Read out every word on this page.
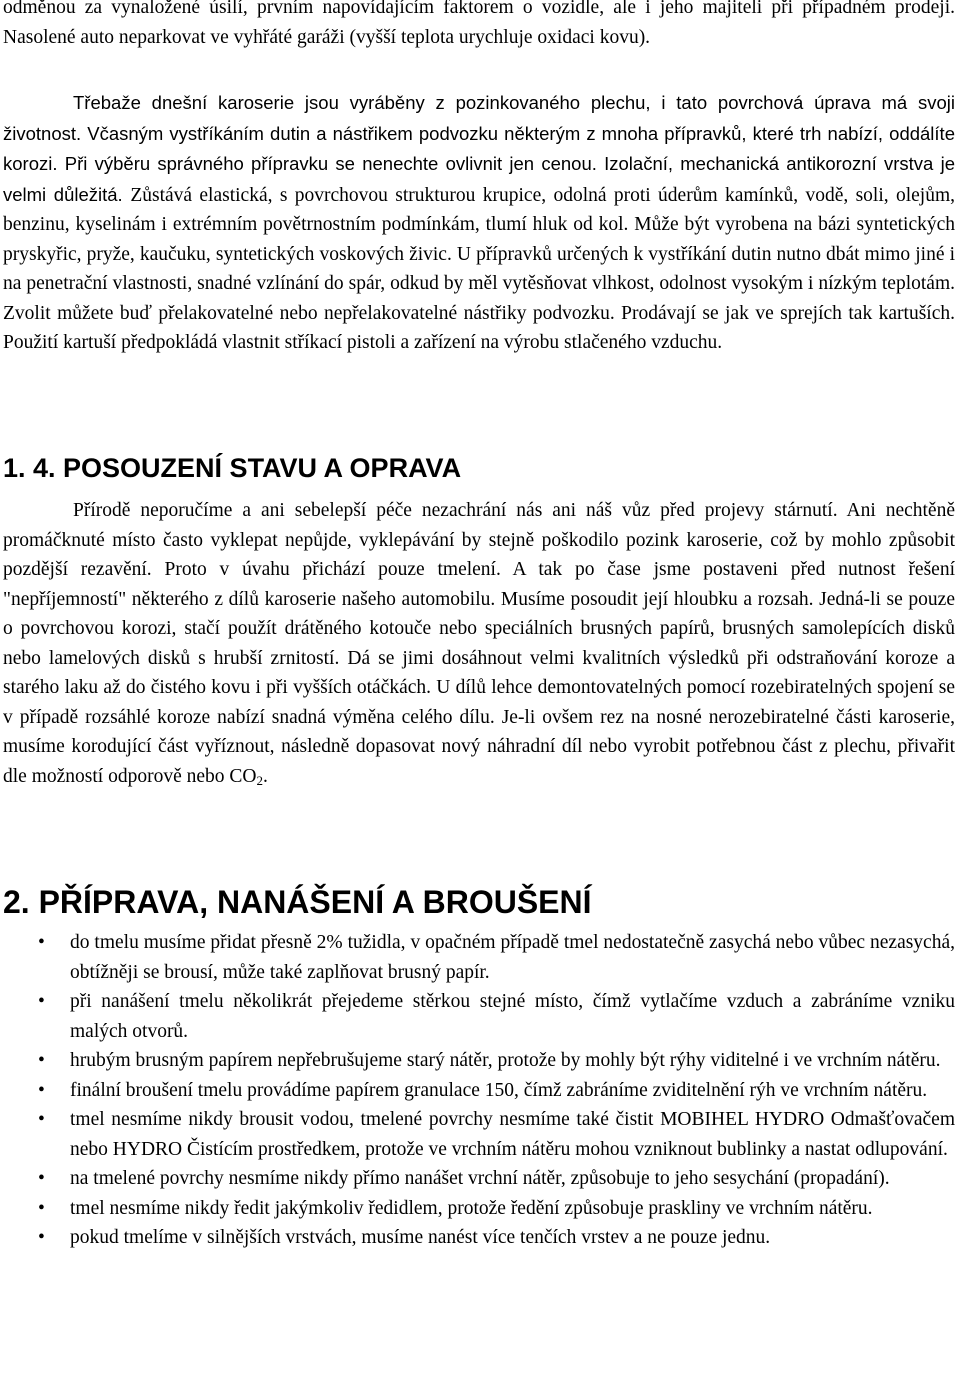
odměnou za vynaložené úsilí, prvním napovídajícím faktorem o vozidle, ale i jeho majiteli při případném prodeji. Nasolené auto neparkovat ve vyhřáté garáži (vyšší teplota urychluje oxidaci kovu).

Třebaže dnešní karoserie jsou vyráběny z pozinkovaného plechu, i tato povrchová úprava má svoji životnost. Včasným vystříkáním dutin a nástřikem podvozku některým z mnoha přípravků, které trh nabízí, oddálíte korozi. Při výběru správného přípravku se nenechte ovlivnit jen cenou. Izolační, mechanická antikorozní vrstva je velmi důležitá. Zůstává elastická, s povrchovou strukturou krupice, odolná proti úderům kamínků, vodě, soli, olejům, benzinu, kyselinám i extrémním povětrnostním podmínkám, tlumí hluk od kol. Může být vyrobena na bázi syntetických pryskyřic, pryže, kaučuku, syntetických voskových živic. U přípravků určených k vystříkání dutin nutno dbát mimo jiné i na penetrační vlastnosti, snadné vzlínání do spár, odkud by měl vytěsňovat vlhkost, odolnost vysokým i nízkým teplotám. Zvolit můžete buď přelakovatelné nebo nepřelakovatelné nástřiky podvozku. Prodávají se jak ve sprejích tak kartuších. Použití kartuší předpokládá vlastnit stříkací pistoli a zařízení na výrobu stlačeného vzduchu.

1. 4. POSOUZENÍ STAVU A OPRAVA

Přírodě neporučíme a ani sebelepší péče nezachrání nás ani náš vůz před projevy stárnutí. Ani nechtěně promáčknuté místo často vyklepat nepůjde, vyklepávání by stejně poškodilo pozink karoserie, což by mohlo způsobit pozdější rezavění. Proto v úvahu přichází pouze tmelení. A tak po čase jsme postaveni před nutnost řešení "nepříjemností" některého z dílů karoserie našeho automobilu. Musíme posoudit její hloubku a rozsah. Jedná-li se pouze o povrchovou korozi, stačí použít drátěného kotouče nebo speciálních brusných papírů, brusných samolepících disků nebo lamelových disků s hrubší zrnitostí. Dá se jimi dosáhnout velmi kvalitních výsledků při odstraňování koroze a starého laku až do čistého kovu i při vyšších otáčkách. U dílů lehce demontovatelných pomocí rozebiratelných spojení se v případě rozsáhlé koroze nabízí snadná výměna celého dílu. Je-li ovšem rez na nosné nerozebiratelné části karoserie, musíme korodující část vyříznout, následně dopasovat nový náhradní díl nebo vyrobit potřebnou část z plechu, přivařit dle možností odporově nebo $CO_2$.

2. PŘÍPRAVA, NANÁŠENÍ A BROUŠENÍ
• do tmelu musíme přidat přesně 2% tužidla, v opačném případě tmel nedostatečně zasychá nebo vůbec nezasychá, obtížněji se brousí, může také zaplňovat brusný papír.
• při nanášení tmelu několikrát přejedeme stěrkou stejné místo, čímž vytlačíme vzduch a zabráníme vzniku malých otvorů.
• hrubým brusným papírem nepřebrušujeme starý nátěr, protože by mohly být rýhy viditelné i ve vrchním nátěru.
• finální broušení tmelu provádíme papírem granulace 150, čímž zabráníme zviditelnění rýh ve vrchním nátěru.
• tmel nesmíme nikdy brousit vodou, tmelené povrchy nesmíme také čistit MOBIHEL HYDRO Odmašťovačem nebo HYDRO Čistícím prostředkem, protože ve vrchním nátěru mohou vzniknout bublinky a nastat odlupování.
• na tmelené povrchy nesmíme nikdy přímo nanášet vrchní nátěr, způsobuje to jeho sesychání (propadání).
• tmel nesmíme nikdy ředit jakýmkoliv ředidlem, protože ředění způsobuje praskliny ve vrchním nátěru.
• pokud tmelíme v silnějších vrstvách, musíme nanést více tenčích vrstev a ne pouze jednu.
